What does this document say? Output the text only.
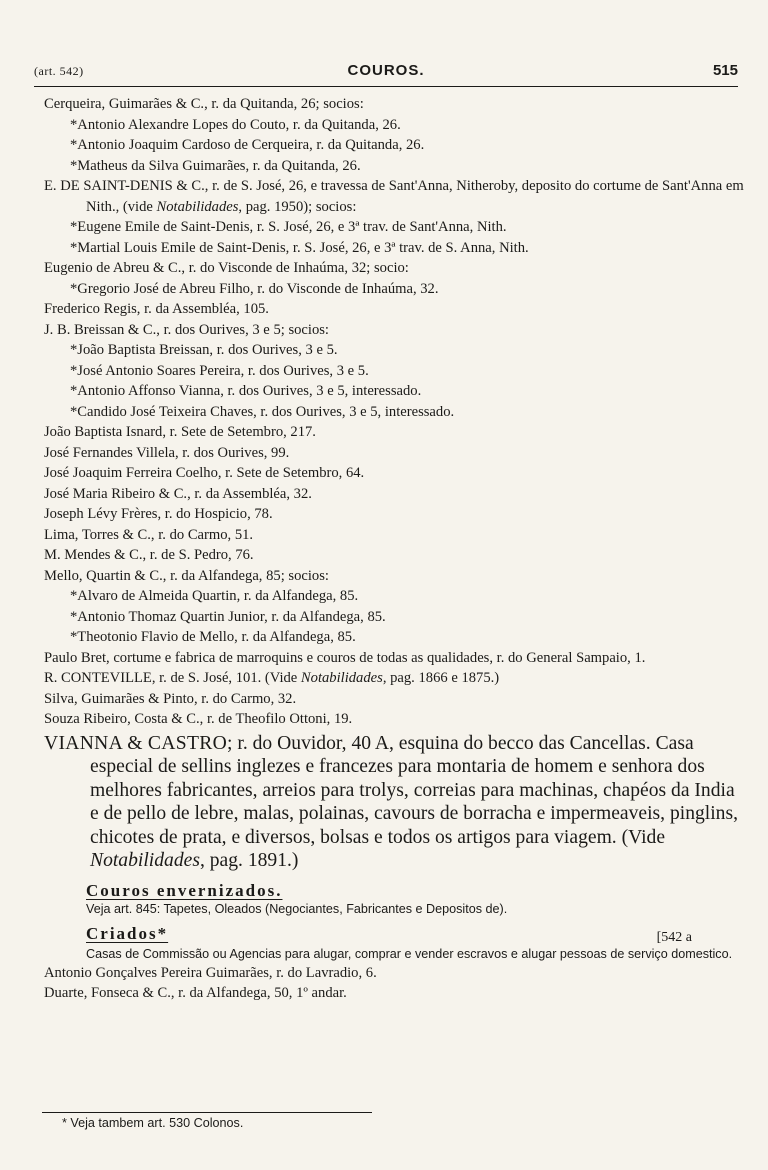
(art. 542)	COUROS.	515
Cerqueira, Guimarães & C., r. da Quitanda, 26; socios:
*Antonio Alexandre Lopes do Couto, r. da Quitanda, 26.
*Antonio Joaquim Cardoso de Cerqueira, r. da Quitanda, 26.
*Matheus da Silva Guimarães, r. da Quitanda, 26.
E. DE SAINT-DENIS & C., r. de S. José, 26, e travessa de Sant'Anna, Nitheroby, deposito do cortume de Sant'Anna em Nith., (vide Notabilidades, pag. 1950); socios:
*Eugene Emile de Saint-Denis, r. S. José, 26, e 3ª trav. de Sant'Anna, Nith.
*Martial Louis Emile de Saint-Denis, r. S. José, 26, e 3ª trav. de S. Anna, Nith.
Eugenio de Abreu & C., r. do Visconde de Inhaúma, 32; socio:
*Gregorio José de Abreu Filho, r. do Visconde de Inhaúma, 32.
Frederico Regis, r. da Assembléa, 105.
J. B. Breissan & C., r. dos Ourives, 3 e 5; socios:
*João Baptista Breissan, r. dos Ourives, 3 e 5.
*José Antonio Soares Pereira, r. dos Ourives, 3 e 5.
*Antonio Affonso Vianna, r. dos Ourives, 3 e 5, interessado.
*Candido José Teixeira Chaves, r. dos Ourives, 3 e 5, interessado.
João Baptista Isnard, r. Sete de Setembro, 217.
José Fernandes Villela, r. dos Ourives, 99.
José Joaquim Ferreira Coelho, r. Sete de Setembro, 64.
José Maria Ribeiro & C., r. da Assembléa, 32.
Joseph Lévy Frères, r. do Hospicio, 78.
Lima, Torres & C., r. do Carmo, 51.
M. Mendes & C., r. de S. Pedro, 76.
Mello, Quartin & C., r. da Alfandega, 85; socios:
*Alvaro de Almeida Quartin, r. da Alfandega, 85.
*Antonio Thomaz Quartin Junior, r. da Alfandega, 85.
*Theotonio Flavio de Mello, r. da Alfandega, 85.
Paulo Bret, cortume e fabrica de marroquins e couros de todas as qualidades, r. do General Sampaio, 1.
R. CONTEVILLE, r. de S. José, 101. (Vide Notabilidades, pag. 1866 e 1875.)
Silva, Guimarães & Pinto, r. do Carmo, 32.
Souza Ribeiro, Costa & C., r. de Theofilo Ottoni, 19.
VIANNA & CASTRO; r. do Ouvidor, 40 A, esquina do becco das Cancellas. Casa especial de sellins inglezes e francezes para montaria de homem e senhora dos melhores fabricantes, arreios para trolys, correias para machinas, chapéos da India e de pello de lebre, malas, polainas, cavours de borracha e impermeaveis, pinglins, chicotes de prata, e diversos, bolsas e todos os artigos para viagem. (Vide Notabilidades, pag. 1891.)
Couros envernizados.
Veja art. 845: Tapetes, Oleados (Negociantes, Fabricantes e Depositos de).
Criados*	[542 a
Casas de Commissão ou Agencias para alugar, comprar e vender escravos e alugar pessoas de serviço domestico.
Antonio Gonçalves Pereira Guimarães, r. do Lavradio, 6.
Duarte, Fonseca & C., r. da Alfandega, 50, 1º andar.
* Veja tambem art. 530 Colonos.
